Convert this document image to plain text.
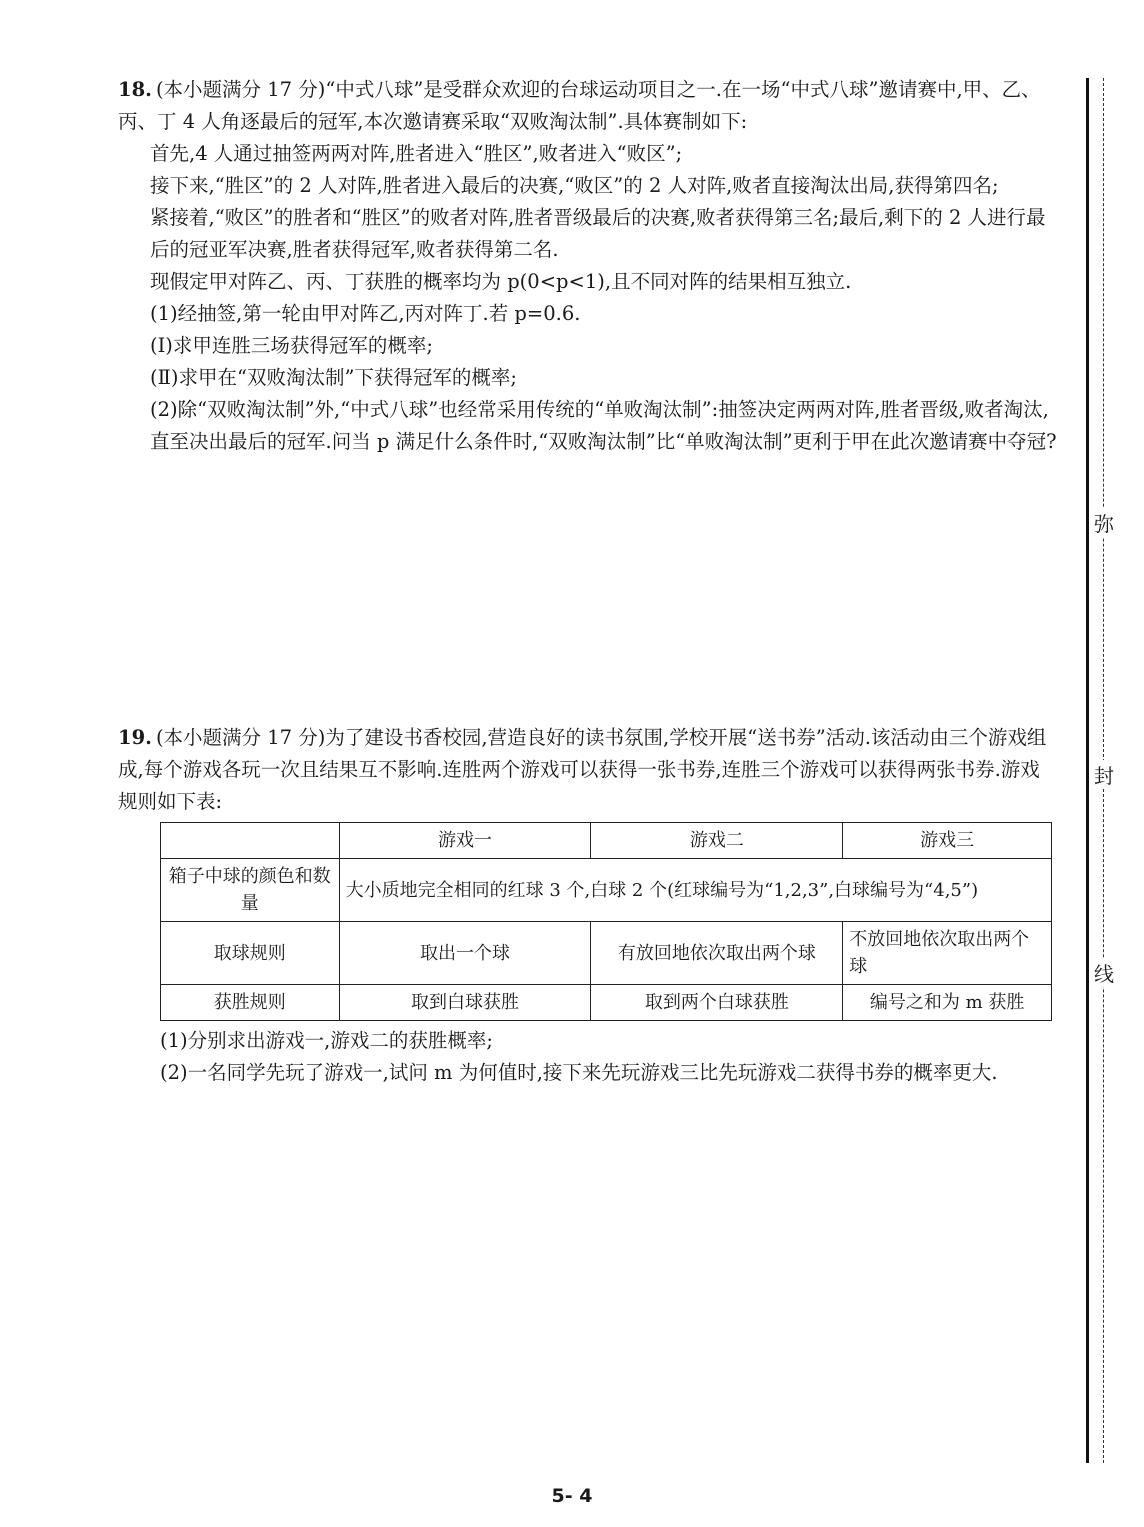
18. (本小题满分 17 分)“中式八球”是受群众欢迎的台球运动项目之一.在一场“中式八球”邀请赛中,甲、乙、丙、丁 4 人角逐最后的冠军,本次邀请赛采取“双败淘汰制”.具体赛制如下:

首先,4 人通过抽签两两对阵,胜者进入“胜区”,败者进入“败区”;

接下来,“胜区”的 2 人对阵,胜者进入最后的决赛,“败区”的 2 人对阵,败者直接淘汰出局,获得第四名;

紧接着,“败区”的胜者和“胜区”的败者对阵,胜者晋级最后的决赛,败者获得第三名;最后,剩下的 2 人进行最后的冠亚军决赛,胜者获得冠军,败者获得第二名.

现假定甲对阵乙、丙、丁获胜的概率均为 p(0<p<1),且不同对阵的结果相互独立.

(1)经抽签,第一轮由甲对阵乙,丙对阵丁.若 p=0.6.

(Ⅰ)求甲连胜三场获得冠军的概率;

(Ⅱ)求甲在“双败淘汰制”下获得冠军的概率;

(2)除“双败淘汰制”外,“中式八球”也经常采用传统的“单败淘汰制”:抽签决定两两对阵,胜者晋级,败者淘汰,直至决出最后的冠军.问当 p 满足什么条件时,“双败淘汰制”比“单败淘汰制”更利于甲在此次邀请赛中夺冠?

19. (本小题满分 17 分)为了建设书香校园,营造良好的读书氛围,学校开展“送书券”活动.该活动由三个游戏组成,每个游戏各玩一次且结果互不影响.连胜两个游戏可以获得一张书券,连胜三个游戏可以获得两张书券.游戏规则如下表:

	游戏一	游戏二	游戏三
箱子中球的颜色和数量	大小质地完全相同的红球 3 个,白球 2 个(红球编号为“1,2,3”,白球编号为“4,5”)		
取球规则	取出一个球	有放回地依次取出两个球	不放回地依次取出两个球
获胜规则	取到白球获胜	取到两个白球获胜	编号之和为 m 获胜

(1)分别求出游戏一,游戏二的获胜概率;

(2)一名同学先玩了游戏一,试问 m 为何值时,接下来先玩游戏三比先玩游戏二获得书券的概率更大.

弥
封
线
5- 4
